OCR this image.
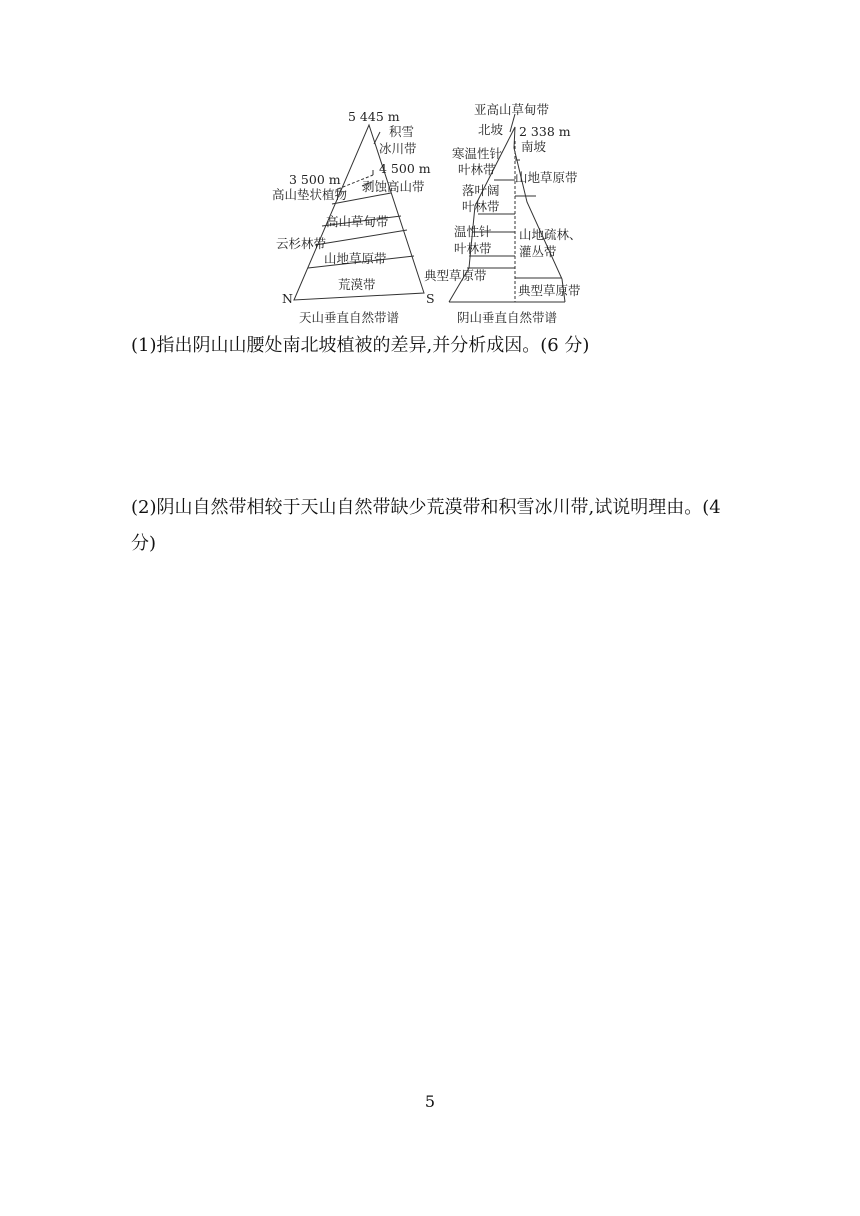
5 445 m
积雪
冰川带
4 500 m
3 500 m 剥蚀高山带
高山垫状植物
高山草甸带
云杉林带
山地草原带
荒漠带
N	S
天山垂直自然带谱
亚高山草甸带
北坡 2 338 m
南坡
寒温性针
叶林带
山地草原带
落叶阔
叶林带
温性针
叶林带
山地疏林、
灌丛带
典型草原带
典型草原带
阴山垂直自然带谱

(1)指出阴山山腰处南北坡植被的差异,并分析成因。(6 分)

(2)阴山自然带相较于天山自然带缺少荒漠带和积雪冰川带,试说明理由。(4 分)

5
